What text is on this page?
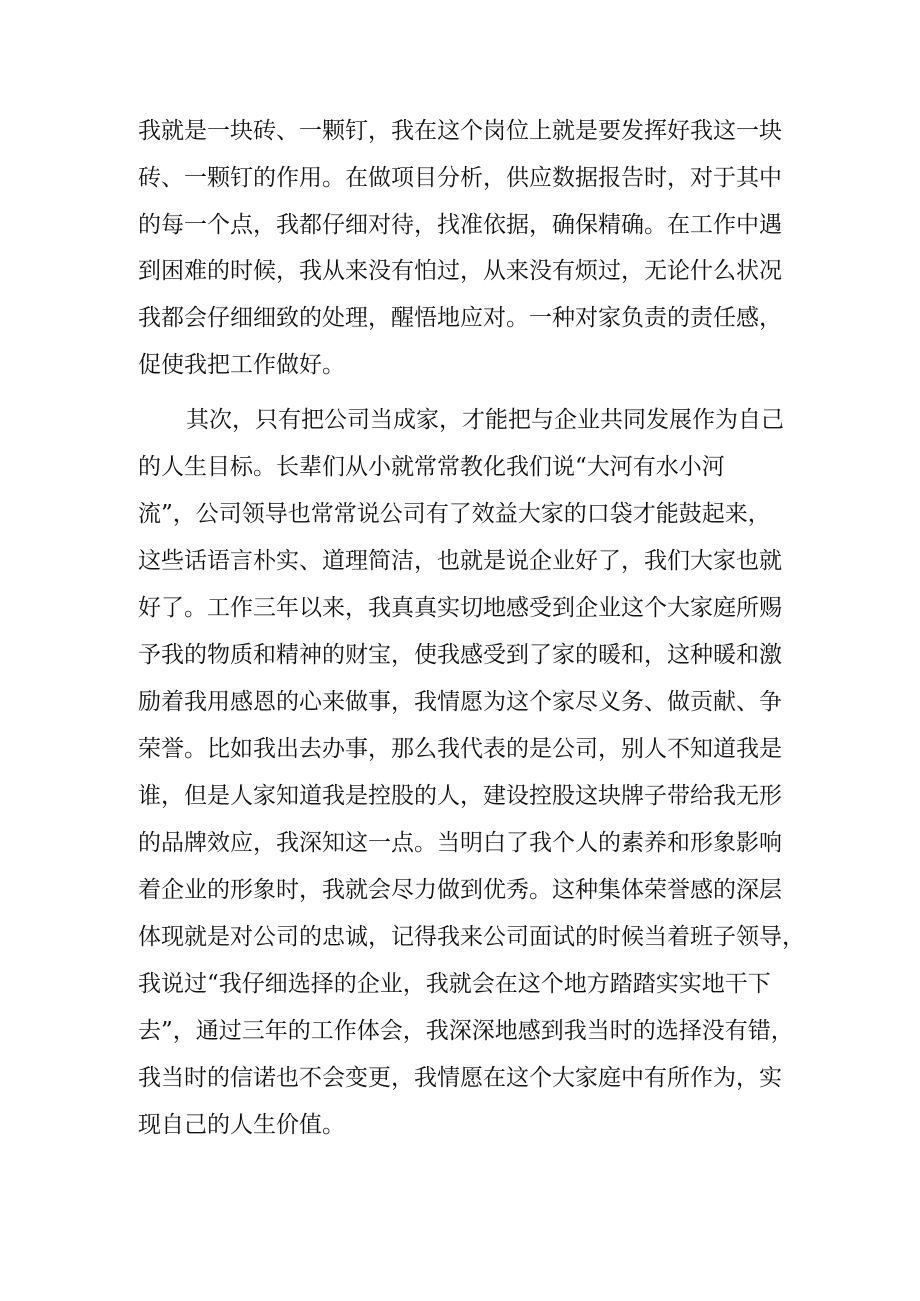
我就是一块砖、一颗钉，我在这个岗位上就是要发挥好我这一块
砖、一颗钉的作用。在做项目分析，供应数据报告时，对于其中
的每一个点，我都仔细对待，找准依据，确保精确。在工作中遇
到困难的时候，我从来没有怕过，从来没有烦过，无论什么状况
我都会仔细细致的处理，醒悟地应对。一种对家负责的责任感，
促使我把工作做好。
其次，只有把公司当成家，才能把与企业共同发展作为自己
的人生目标。长辈们从小就常常教化我们说“大河有水小河
流”，公司领导也常常说公司有了效益大家的口袋才能鼓起来，
这些话语言朴实、道理简洁，也就是说企业好了，我们大家也就
好了。工作三年以来，我真真实切地感受到企业这个大家庭所赐
予我的物质和精神的财宝，使我感受到了家的暖和，这种暖和激
励着我用感恩的心来做事，我情愿为这个家尽义务、做贡献、争
荣誉。比如我出去办事，那么我代表的是公司，别人不知道我是
谁，但是人家知道我是控股的人，建设控股这块牌子带给我无形
的品牌效应，我深知这一点。当明白了我个人的素养和形象影响
着企业的形象时，我就会尽力做到优秀。这种集体荣誉感的深层
体现就是对公司的忠诚，记得我来公司面试的时候当着班子领导，
我说过“我仔细选择的企业，我就会在这个地方踏踏实实地干下
去”，通过三年的工作体会，我深深地感到我当时的选择没有错，
我当时的信诺也不会变更，我情愿在这个大家庭中有所作为，实
现自己的人生价值。
